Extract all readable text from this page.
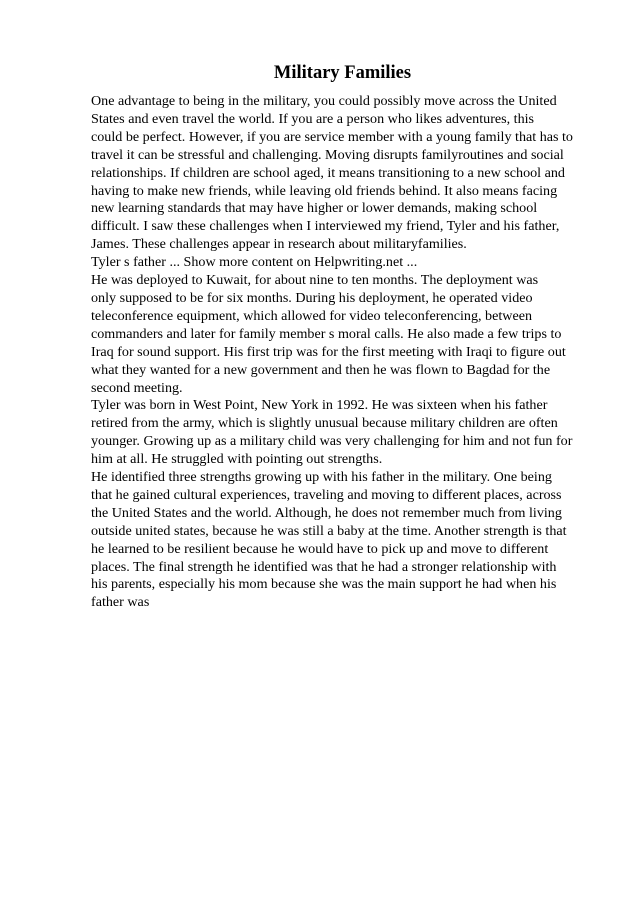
Military Families
One advantage to being in the military, you could possibly move across the United
States and even travel the world. If you are a person who likes adventures, this
could be perfect. However, if you are service member with a young family that has to
travel it can be stressful and challenging. Moving disrupts familyroutines and social
relationships. If children are school aged, it means transitioning to a new school and
having to make new friends, while leaving old friends behind. It also means facing
new learning standards that may have higher or lower demands, making school
difficult. I saw these challenges when I interviewed my friend, Tyler and his father,
James. These challenges appear in research about militaryfamilies.
Tyler s father ... Show more content on Helpwriting.net ...
He was deployed to Kuwait, for about nine to ten months. The deployment was
only supposed to be for six months. During his deployment, he operated video
teleconference equipment, which allowed for video teleconferencing, between
commanders and later for family member s moral calls. He also made a few trips to
Iraq for sound support. His first trip was for the first meeting with Iraqi to figure out
what they wanted for a new government and then he was flown to Bagdad for the
second meeting.
Tyler was born in West Point, New York in 1992. He was sixteen when his father
retired from the army, which is slightly unusual because military children are often
younger. Growing up as a military child was very challenging for him and not fun for
him at all. He struggled with pointing out strengths.
He identified three strengths growing up with his father in the military. One being
that he gained cultural experiences, traveling and moving to different places, across
the United States and the world. Although, he does not remember much from living
outside united states, because he was still a baby at the time. Another strength is that
he learned to be resilient because he would have to pick up and move to different
places. The final strength he identified was that he had a stronger relationship with
his parents, especially his mom because she was the main support he had when his
father was
